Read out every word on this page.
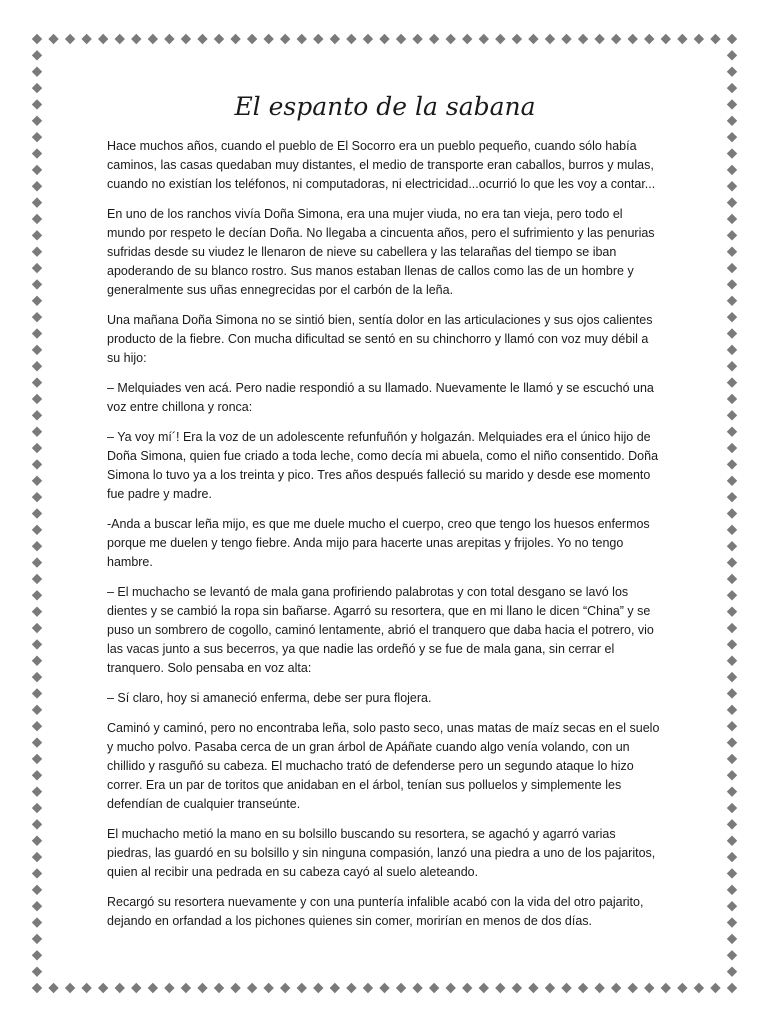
El espanto de la sabana

Hace muchos años, cuando el pueblo de El Socorro era un pueblo pequeño, cuando sólo había caminos, las casas quedaban muy distantes, el medio de transporte eran caballos, burros y mulas, cuando no existían los teléfonos, ni computadoras, ni electricidad...ocurrió lo que les voy a contar...

En uno de los ranchos vivía Doña Simona, era una mujer viuda, no era tan vieja, pero todo el mundo por respeto le decían Doña. No llegaba a cincuenta años, pero el sufrimiento y las penurias sufridas desde su viudez le llenaron de nieve su cabellera y las telarañas del tiempo se iban apoderando de su blanco rostro. Sus manos estaban llenas de callos como las de un hombre y generalmente sus uñas ennegrecidas por el carbón de la leña.

Una mañana Doña Simona no se sintió bien, sentía dolor en las articulaciones y sus ojos calientes producto de la fiebre. Con mucha dificultad se sentó en su chinchorro y llamó con voz muy débil a su hijo:

– Melquiades ven acá. Pero nadie respondió a su llamado. Nuevamente le llamó y se escuchó una voz entre chillona y ronca:

– Ya voy mí´! Era la voz de un adolescente refunfuñón y holgazán. Melquiades era el único hijo de Doña Simona, quien fue criado a toda leche, como decía mi abuela, como el niño consentido. Doña Simona lo tuvo ya a los treinta y pico. Tres años después falleció su marido y desde ese momento fue padre y madre.

-Anda a buscar leña mijo, es que me duele mucho el cuerpo, creo que tengo los huesos enfermos porque me duelen y tengo fiebre. Anda mijo para hacerte unas arepitas y frijoles. Yo no tengo hambre.

– El muchacho se levantó de mala gana profiriendo palabrotas y con total desgano se lavó los dientes y se cambió la ropa sin bañarse. Agarró su resortera, que en mi llano le dicen “China” y se puso un sombrero de cogollo, caminó lentamente, abrió el tranquero que daba hacia el potrero, vio las vacas junto a sus becerros, ya que nadie las ordeñó y se fue de mala gana, sin cerrar el tranquero. Solo pensaba en voz alta:

– Sí claro, hoy si amaneció enferma, debe ser pura flojera.

Caminó y caminó, pero no encontraba leña, solo pasto seco, unas matas de maíz secas en el suelo y mucho polvo. Pasaba cerca de un gran árbol de Apáñate cuando algo venía volando, con un chillido y rasguñó su cabeza. El muchacho trató de defenderse pero un segundo ataque lo hizo correr. Era un par de toritos que anidaban en el árbol, tenían sus polluelos y simplemente les defendían de cualquier transeúnte.

El muchacho metió la mano en su bolsillo buscando su resortera, se agachó y agarró varias piedras, las guardó en su bolsillo y sin ninguna compasión, lanzó una piedra a uno de los pajaritos, quien al recibir una pedrada en su cabeza cayó al suelo aleteando.

Recargó su resortera nuevamente y con una puntería infalible acabó con la vida del otro pajarito, dejando en orfandad a los pichones quienes sin comer, morirían en menos de dos días.
